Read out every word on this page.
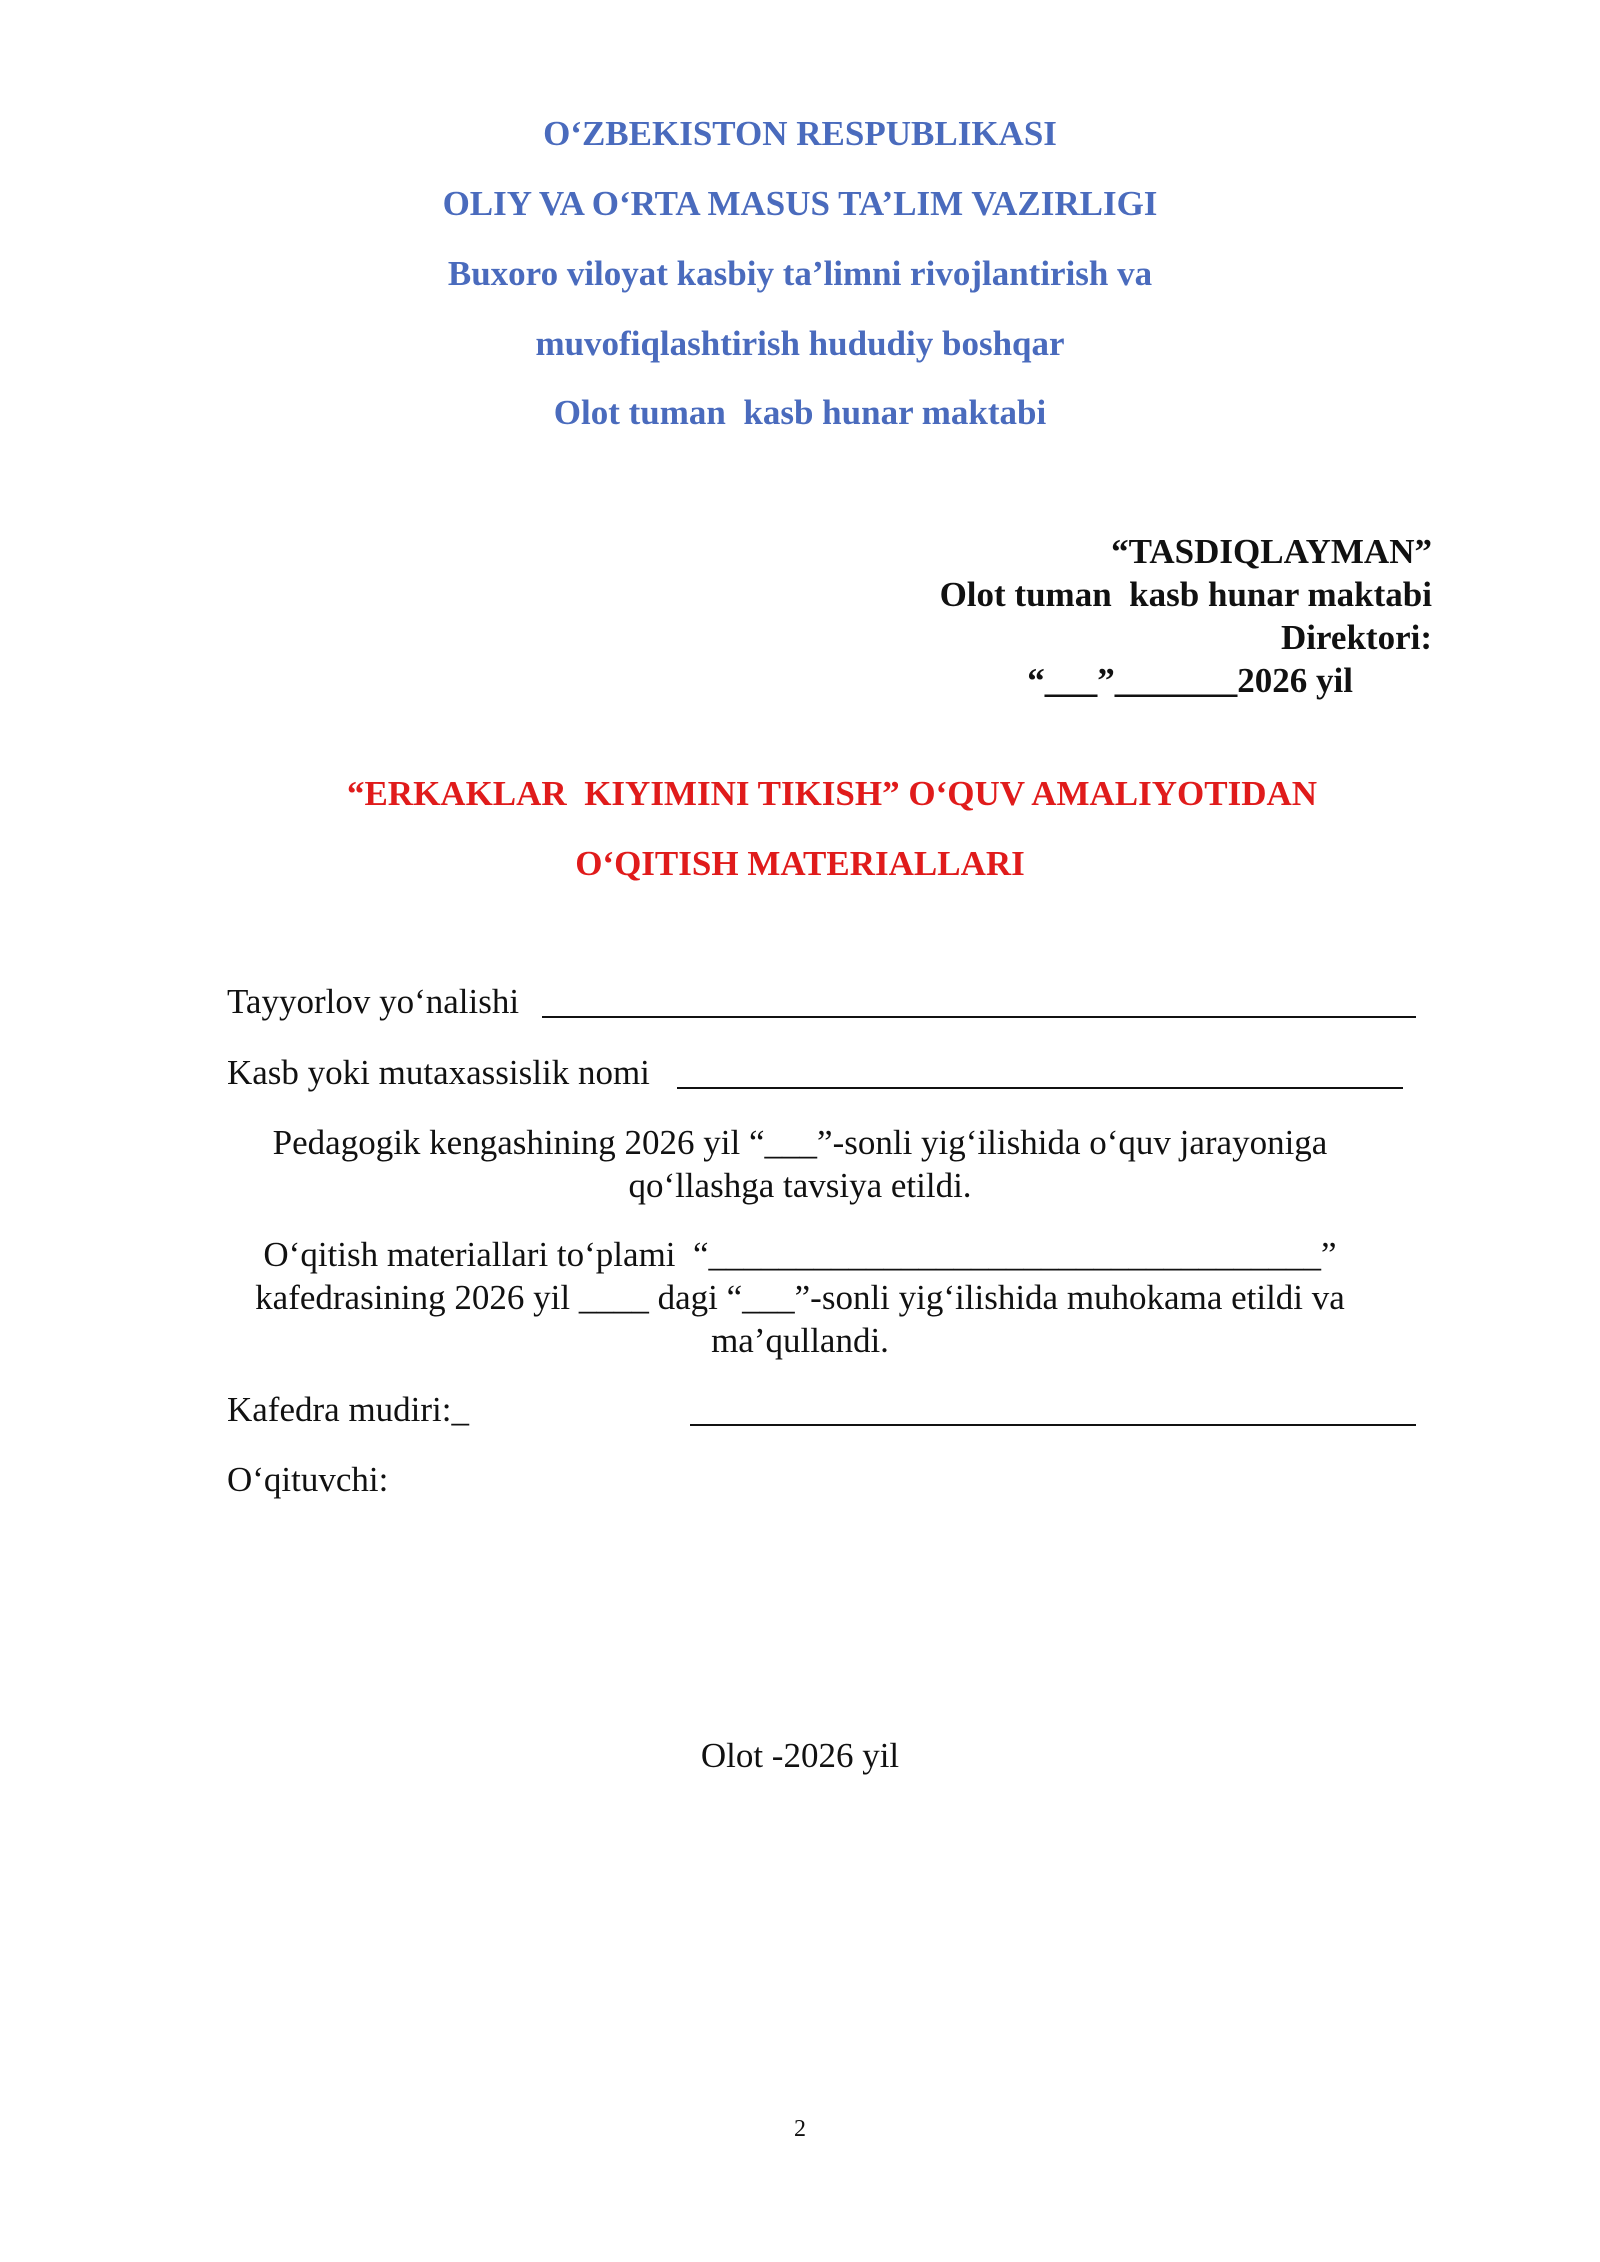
O‘ZBEKISTON RESPUBLIKASI
OLIY VA O‘RTA MASUS TA’LIM VAZIRLIGI
Buxoro viloyat kasbiy ta’limni rivojlantirish va
muvofiqlashtirish hududiy boshqar
Olot tuman  kasb hunar maktabi
“TASDIQLAYMAN”
Olot tuman  kasb hunar maktabi
Direktori:
“___”_______2026 yil
“ERKAKLAR  KIYIMINI TIKISH” O‘QUV AMALIYOTIDAN
O‘QITISH MATERIALLARI
Tayyorlov yo‘nalishi
Kasb yoki mutaxassislik nomi
Pedagogik kengashining 2026 yil “___”-sonli yig‘ilishida o‘quv jarayoniga
qo‘llashga tavsiya etildi.
O‘qitish materiallari to‘plami  “___________________________________”
kafedrasining 2026 yil ____ dagi “___”-sonli yig‘ilishida muhokama etildi va
ma’qullandi.
Kafedra mudiri:_
O‘qituvchi:
Olot -2026 yil
2
